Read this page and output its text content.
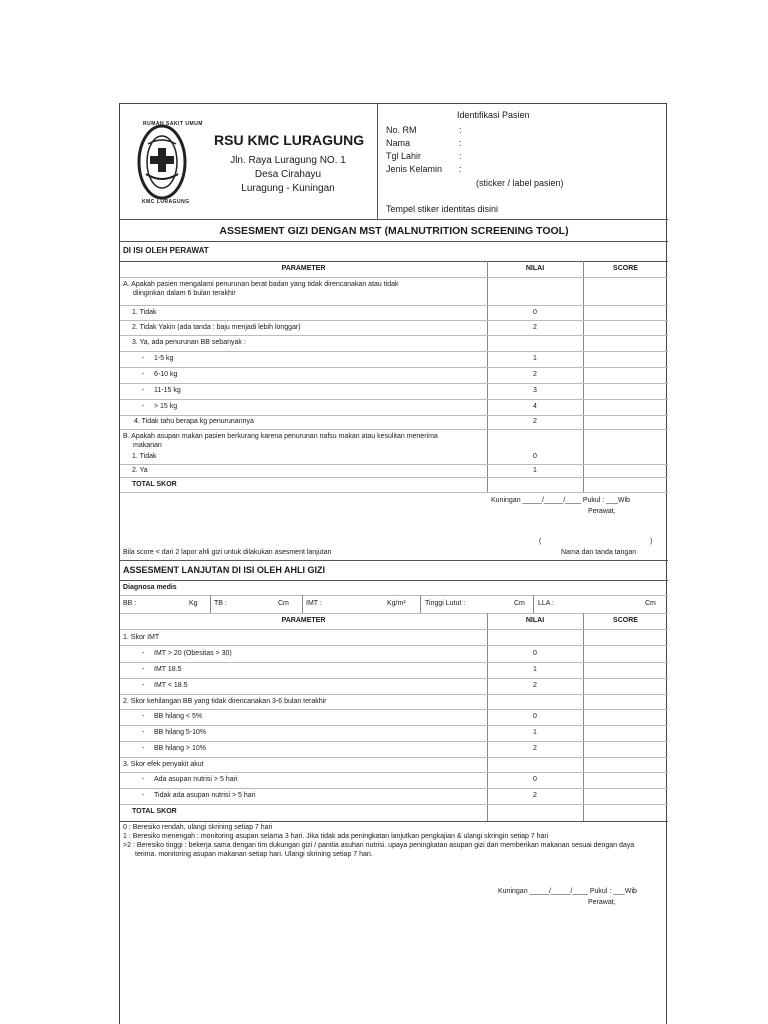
RUMAH SAKIT UMUM
KMC LURAGUNG
RSU KMC LURAGUNG
Jln. Raya Luragung NO. 1
Desa Cirahayu
Luragung - Kuningan
Identifikasi Pasien
No. RM
Nama
Tgl Lahir
Jenis Kelamin
:
:
:
:
(sticker / label pasien)
Tempel stiker identitas disini
ASSESMENT GIZI DENGAN MST (MALNUTRITION SCREENING TOOL)
DI ISI OLEH PERAWAT
PARAMETER	NILAI	SCORE
A. Apakah pasien mengalami penurunan berat badan yang tidak direncanakan atau tidak
diinginkan dalam 6 bulan terakhir
1. Tidak	0
2. Tidak Yakin (ada tanda : baju menjadi lebih longgar)	2
3. Ya, ada penurunan BB sebanyak :
- 1-5 kg	1
- 6-10 kg	2
- 11-15 kg	3
- > 15 kg	4
4. Tidak tahu berapa kg penurunannya	2
B. Apakah asupan makan pasien berkurang karena penurunan nafsu makan atau kesulitan menerima
makanan
1. Tidak	0
2. Ya	1
TOTAL SKOR
Kuningan _____/_____/____ Pukul : ___Wib
Perawat,
(	)
Bila score < dari 2 lapor ahli gizi untuk dilakukan asesment lanjutan	Nama dan tanda tangan
ASSESMENT LANJUTAN DI ISI OLEH AHLI GIZI
Diagnosa medis
BB :	Kg TB :	Cm IMT :	Kg/m²	Tinggi Lutut :	Cm LLA :	Cm
PARAMETER	NILAI	SCORE
1. Skor IMT
- IMT > 20 (Obesitas > 30)	0
- IMT 18.5	1
- IMT < 18.5	2
2. Skor kehilangan BB yang tidak direncanakan 3-6 bulan terakhir
- BB hilang < 5%	0
- BB hilang 5-10%	1
- BB hilang > 10%	2
3. Skor efek penyakit akut
- Ada asupan nutrisi > 5 hari	0
- Tidak ada asupan nutrisi > 5 hari	2
TOTAL SKOR
0 : Beresiko rendah, ulangi skrining setiap 7 hari
1 : Beresiko menengah : monitoring asupan selama 3 hari. Jika tidak ada peningkatan lanjutkan pengkajian & ulangi skringin setiap 7 hari
>2 : Beresiko tinggi : bekerja sama dengan tim dukungan gizi / panitia asuhan nutrisi. upaya peningkatan asupan gizi dan memberikan makanan sesuai dengan daya
terima. monitoring asupan makanan setiap hari. Ulangi skrining setiap 7 hari.
Kuningan _____/_____/____ Pukul : ___Wib
Perawat,
